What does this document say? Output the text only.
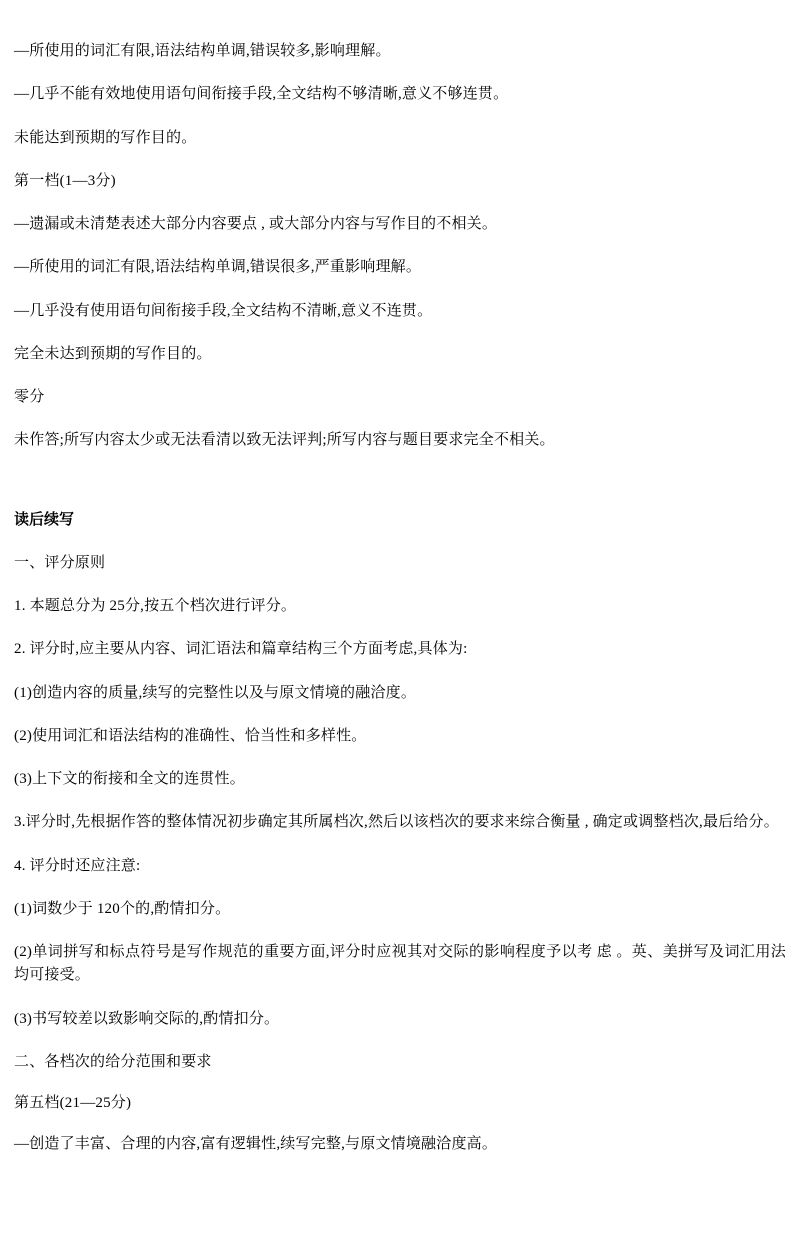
—所使用的词汇有限,语法结构单调,错误较多,影响理解。

—几乎不能有效地使用语句间衔接手段,全文结构不够清晰,意义不够连贯。

未能达到预期的写作目的。

第一档(1—3分)

—遗漏或未清楚表述大部分内容要点 , 或大部分内容与写作目的不相关。

—所使用的词汇有限,语法结构单调,错误很多,严重影响理解。

—几乎没有使用语句间衔接手段,全文结构不清晰,意义不连贯。

完全未达到预期的写作目的。

零分

未作答;所写内容太少或无法看清以致无法评判;所写内容与题目要求完全不相关。

读后续写

一、评分原则

1. 本题总分为 25分,按五个档次进行评分。

2. 评分时,应主要从内容、词汇语法和篇章结构三个方面考虑,具体为:

(1)创造内容的质量,续写的完整性以及与原文情境的融洽度。

(2)使用词汇和语法结构的准确性、恰当性和多样性。

(3)上下文的衔接和全文的连贯性。

3.评分时,先根据作答的整体情况初步确定其所属档次,然后以该档次的要求来综合衡量 , 确定或调整档次,最后给分。

4. 评分时还应注意:

(1)词数少于 120个的,酌情扣分。

(2)单词拼写和标点符号是写作规范的重要方面,评分时应视其对交际的影响程度予以考 虑 。英、美拼写及词汇用法均可接受。

(3)书写较差以致影响交际的,酌情扣分。

二、各档次的给分范围和要求

第五档(21—25分)

—创造了丰富、合理的内容,富有逻辑性,续写完整,与原文情境融洽度高。
